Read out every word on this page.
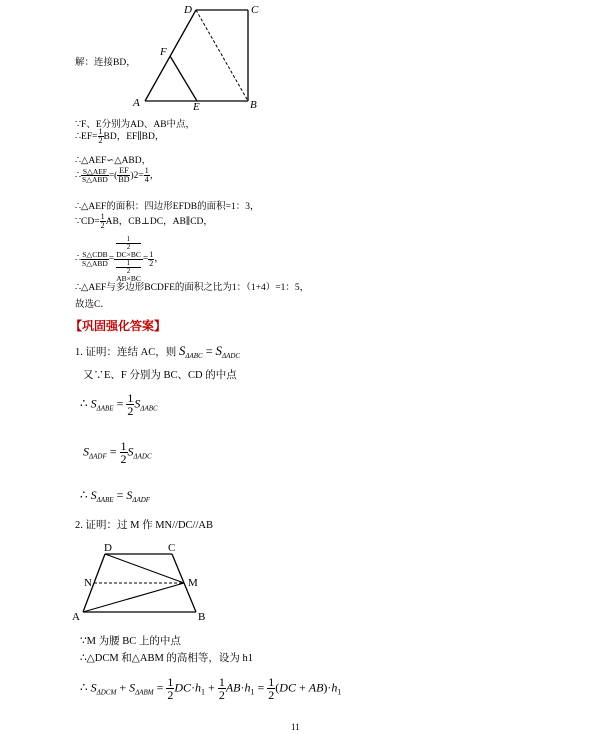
D	C
F
A	E	B
解：连接BD，
∵F、E分别为AD、AB中点，
∴EF= $\frac{1}{2}$ BD，EF∥BD，
∴△AEF∽△ABD，
∴ $\frac{\text{S△AEF}}{\text{S△ABD}}$ =( $\frac{EF}{BD} )2= \frac{1}{4}$ ，
∴△AEF的面积：四边形EFDB的面积=1：3，
∵CD= $\frac{1}{2}$ AB，CB⊥DC，AB∥CD，
∴ $\frac{\text{S△CDB}}{\text{S△ABD}} = 1$
2
DC×BC
1
2
$AB\times BC = \frac{1}{2}$ ，
∴△AEF与多边形BCDFE的面积之比为1：（1+4）=1：5，
故选C．
【巩固强化答案】
1. 证明：连结 AC，则 $S_{\Delta ABC} = S_{\Delta ADC}$
又∵E、F 分别为 BC、CD 的中点
∴ $S_{\Delta ABE} = \frac{1}{2} S_{\Delta ABC}$
$S_{\Delta ADF} = \frac{1}{2} S_{\Delta ADC}$
∴ $S_{\Delta ABE} = S_{\Delta ADF}$
2. 证明：过 M 作 MN//DC//AB
D	C
N	M
A	B
∵M 为腰 BC 上的中点
∴△DCM 和△ABM 的高相等，设为 h1
∴ $S_{\Delta DCM} + S_{\Delta ABM} = \frac{1}{2} DC\cdot h_1 + \frac{1}{2} AB\cdot h_1 = \frac{1}{2} (DC + AB)\cdot h_1$
11
